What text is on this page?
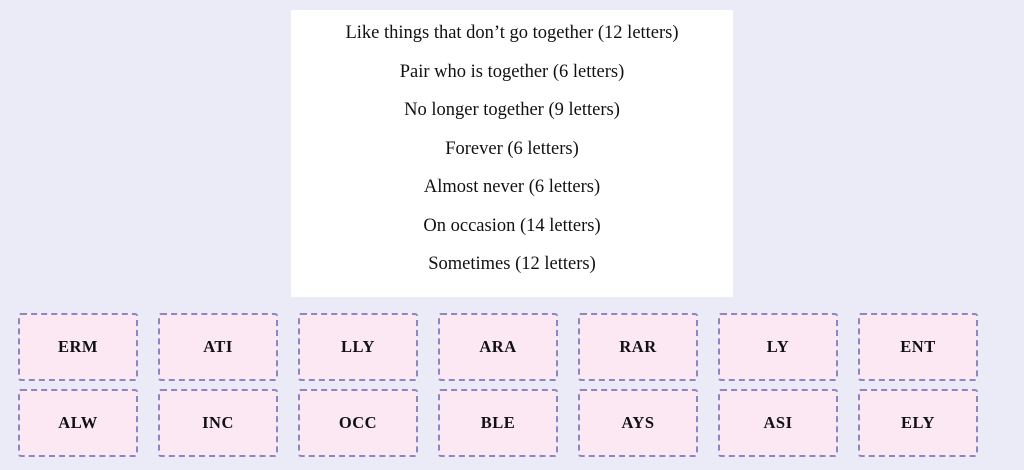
Like things that don’t go together (12 letters)

Pair who is together (6 letters)

No longer together (9 letters)

Forever (6 letters)

Almost never (6 letters)

On occasion (14 letters)

Sometimes (12 letters)

ERM	ATI	LLY	ARA	RAR	LY	ENT
ALW	INC	OCC	BLE	AYS	ASI	ELY
